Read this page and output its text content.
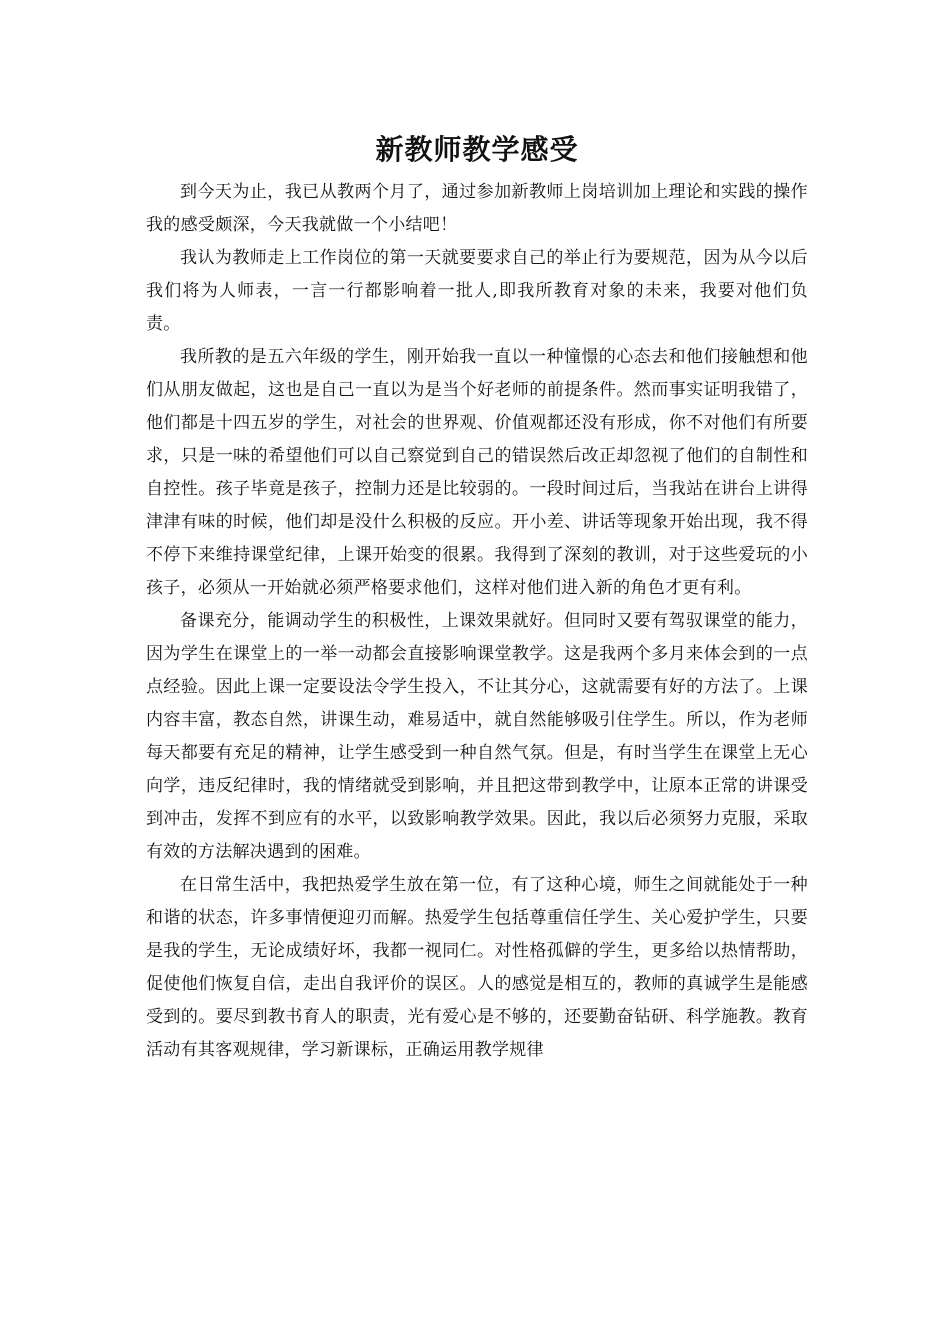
新教师教学感受

到今天为止，我已从教两个月了，通过参加新教师上岗培训加上理论和实践的操作我的感受颇深，今天我就做一个小结吧！

我认为教师走上工作岗位的第一天就要要求自己的举止行为要规范，因为从今以后我们将为人师表，一言一行都影响着一批人,即我所教育对象的未来，我要对他们负责。

我所教的是五六年级的学生，刚开始我一直以一种憧憬的心态去和他们接触想和他们从朋友做起，这也是自己一直以为是当个好老师的前提条件。然而事实证明我错了，他们都是十四五岁的学生，对社会的世界观、价值观都还没有形成，你不对他们有所要求，只是一味的希望他们可以自己察觉到自己的错误然后改正却忽视了他们的自制性和自控性。孩子毕竟是孩子，控制力还是比较弱的。一段时间过后，当我站在讲台上讲得津津有味的时候，他们却是没什么积极的反应。开小差、讲话等现象开始出现，我不得不停下来维持课堂纪律，上课开始变的很累。我得到了深刻的教训，对于这些爱玩的小孩子，必须从一开始就必须严格要求他们，这样对他们进入新的角色才更有利。

备课充分，能调动学生的积极性，上课效果就好。但同时又要有驾驭课堂的能力，因为学生在课堂上的一举一动都会直接影响课堂教学。这是我两个多月来体会到的一点点经验。因此上课一定要设法令学生投入，不让其分心，这就需要有好的方法了。上课内容丰富，教态自然，讲课生动，难易适中，就自然能够吸引住学生。所以，作为老师每天都要有充足的精神，让学生感受到一种自然气氛。但是，有时当学生在课堂上无心向学，违反纪律时，我的情绪就受到影响，并且把这带到教学中，让原本正常的讲课受到冲击，发挥不到应有的水平，以致影响教学效果。因此，我以后必须努力克服，采取有效的方法解决遇到的困难。

在日常生活中，我把热爱学生放在第一位，有了这种心境，师生之间就能处于一种和谐的状态，许多事情便迎刃而解。热爱学生包括尊重信任学生、关心爱护学生，只要是我的学生，无论成绩好坏，我都一视同仁。对性格孤僻的学生，更多给以热情帮助，促使他们恢复自信，走出自我评价的误区。人的感觉是相互的，教师的真诚学生是能感受到的。要尽到教书育人的职责，光有爱心是不够的，还要勤奋钻研、科学施教。教育活动有其客观规律，学习新课标，正确运用教学规律
